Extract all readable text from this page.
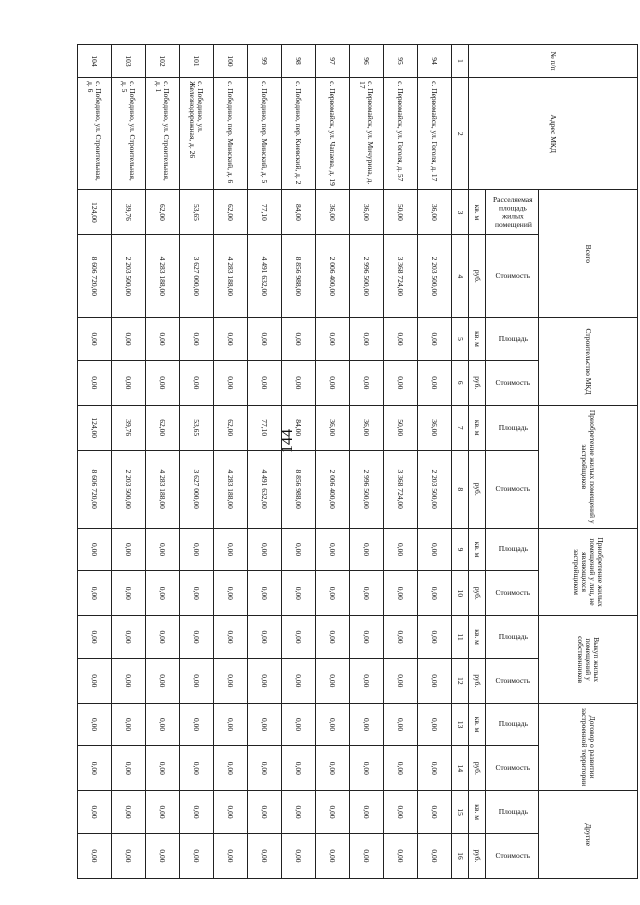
144
№ п/п	Адрес МКД	Всего		Строительство МКД		Приобретение жилых помещений у застройщиков		Приобретение жилых помещений у лиц, не являющихся застройщиком		Выкуп жилых помещений у собственников		Договор о развитии застроенной территории		Другие	
		Расселяемая площадь жилых помещений	Стоимость	Площадь	Стоимость	Площадь	Стоимость	Площадь	Стоимость	Площадь	Стоимость	Площадь	Стоимость	Площадь	Стоимость
		кв. м	руб.	кв. м	руб.	кв. м	руб.	кв. м	руб.	кв. м	руб.	кв. м	руб.	кв. м	руб.
1	2	3	4	5	6	7	8	9	10	11	12	13	14	15	16
94	с. Первомайск, ул. Гоголя, д. 17	36,00	2 203 500,00	0,00	0,00	36,00	2 203 500,00	0,00	0,00	0,00	0,00	0,00	0,00	0,00	0,00
95	с. Первомайск, ул. Гоголя, д. 57	50,00	3 368 724,00	0,00	0,00	50,00	3 368 724,00	0,00	0,00	0,00	0,00	0,00	0,00	0,00	0,00
96	с. Первомайск, ул. Мичурина, д. 17	36,00	2 996 500,00	0,00	0,00	36,00	2 996 500,00	0,00	0,00	0,00	0,00	0,00	0,00	0,00	0,00
97	с. Первомайск, ул. Чапаева, д. 19	36,00	2 006 400,00	0,00	0,00	36,00	2 006 400,00	0,00	0,00	0,00	0,00	0,00	0,00	0,00	0,00
98	с. Победино, пер. Киевский, д. 2	84,00	8 856 988,00	0,00	0,00	84,00	8 856 988,00	0,00	0,00	0,00	0,00	0,00	0,00	0,00	0,00
99	с. Победино, пер. Минский, д. 5	77,10	4 491 632,00	0,00	0,00	77,10	4 491 632,00	0,00	0,00	0,00	0,00	0,00	0,00	0,00	0,00
100	с. Победино, пер. Минский, д. 6	62,00	4 283 188,00	0,00	0,00	62,00	4 283 188,00	0,00	0,00	0,00	0,00	0,00	0,00	0,00	0,00
101	с. Победино, ул. Железнодорожная, д. 26	53,65	3 627 000,00	0,00	0,00	53,65	3 627 000,00	0,00	0,00	0,00	0,00	0,00	0,00	0,00	0,00
102	с. Победино, ул. Строительная, д. 1	62,00	4 283 188,00	0,00	0,00	62,00	4 283 188,00	0,00	0,00	0,00	0,00	0,00	0,00	0,00	0,00
103	с. Победино, ул. Строительная, д. 5	39,76	2 203 500,00	0,00	0,00	39,76	2 203 500,00	0,00	0,00	0,00	0,00	0,00	0,00	0,00	0,00
104	с. Победино, ул. Строительная, д. 6	124,00	8 606 720,00	0,00	0,00	124,00	8 606 720,00	0,00	0,00	0,00	0,00	0,00	0,00	0,00	0,00
